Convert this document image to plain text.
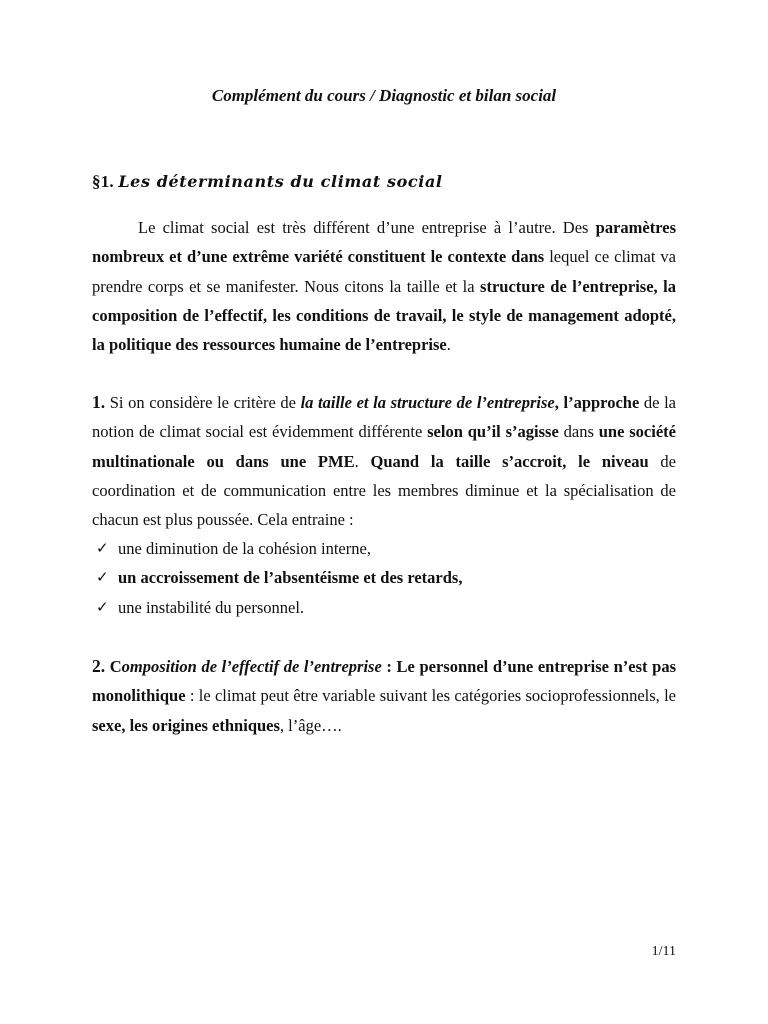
Complément du cours / Diagnostic et bilan social

§1. Les déterminants du climat social

Le climat social est très différent d’une entreprise à l’autre. Des paramètres nombreux et d’une extrême variété constituent le contexte dans lequel ce climat va prendre corps et se manifester. Nous citons la taille et la structure de l’entreprise, la composition de l’effectif, les conditions de travail, le style de management adopté, la politique des ressources humaine de l’entreprise.

1. Si on considère le critère de la taille et la structure de l’entreprise, l’approche de la notion de climat social est évidemment différente selon qu’il s’agisse dans une société multinationale ou dans une PME. Quand la taille s’accroit, le niveau de coordination et de communication entre les membres diminue et la spécialisation de chacun est plus poussée. Cela entraine :

✓ une diminution de la cohésion interne,
✓ un accroissement de l’absentéisme et des retards,
✓ une instabilité du personnel.

2. Composition de l’effectif de l’entreprise : Le personnel d’une entreprise n’est pas monolithique : le climat peut être variable suivant les catégories socioprofessionnels, le sexe, les origines ethniques, l’âge….

1/11
